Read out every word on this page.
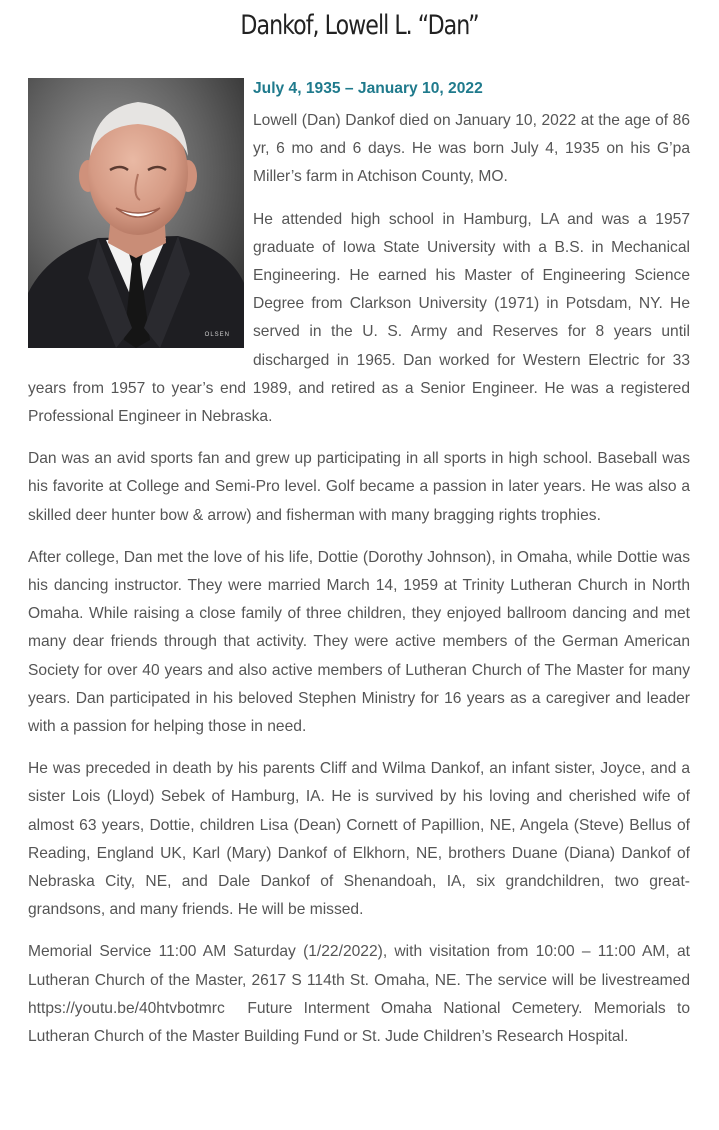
Dankof, Lowell L. “Dan”
OLSEN
July 4, 1935 – January 10, 2022

Lowell (Dan) Dankof died on January 10, 2022 at the age of 86 yr, 6 mo and 6 days. He was born July 4, 1935 on his G’pa Miller’s farm in Atchison County, MO.

He attended high school in Hamburg, LA and was a 1957 graduate of Iowa State University with a B.S. in Mechanical Engineering. He earned his Master of Engineering Science Degree from Clarkson University (1971) in Potsdam, NY. He served in the U. S. Army and Reserves for 8 years until discharged in 1965. Dan worked for Western Electric for 33 years from 1957 to year’s end 1989, and retired as a Senior Engineer. He was a registered Professional Engineer in Nebraska.

Dan was an avid sports fan and grew up participating in all sports in high school. Baseball was his favorite at College and Semi-Pro level. Golf became a passion in later years. He was also a skilled deer hunter bow & arrow) and fisherman with many bragging rights trophies.

After college, Dan met the love of his life, Dottie (Dorothy Johnson), in Omaha, while Dottie was his dancing instructor. They were married March 14, 1959 at Trinity Lutheran Church in North Omaha. While raising a close family of three children, they enjoyed ballroom dancing and met many dear friends through that activity. They were active members of the German American Society for over 40 years and also active members of Lutheran Church of The Master for many years. Dan participated in his beloved Stephen Ministry for 16 years as a caregiver and leader with a passion for helping those in need.

He was preceded in death by his parents Cliff and Wilma Dankof, an infant sister, Joyce, and a sister Lois (Lloyd) Sebek of Hamburg, IA. He is survived by his loving and cherished wife of almost 63 years, Dottie, children Lisa (Dean) Cornett of Papillion, NE, Angela (Steve) Bellus of Reading, England UK, Karl (Mary) Dankof of Elkhorn, NE, brothers Duane (Diana) Dankof of Nebraska City, NE, and Dale Dankof of Shenandoah, IA, six grandchildren, two great-grandsons, and many friends. He will be missed.

Memorial Service 11:00 AM Saturday (1/22/2022), with visitation from 10:00 – 11:00 AM, at Lutheran Church of the Master, 2617 S 114th St. Omaha, NE. The service will be livestreamed https://youtu.be/40htvbotmrc  Future Interment Omaha National Cemetery. Memorials to Lutheran Church of the Master Building Fund or St. Jude Children’s Research Hospital.
